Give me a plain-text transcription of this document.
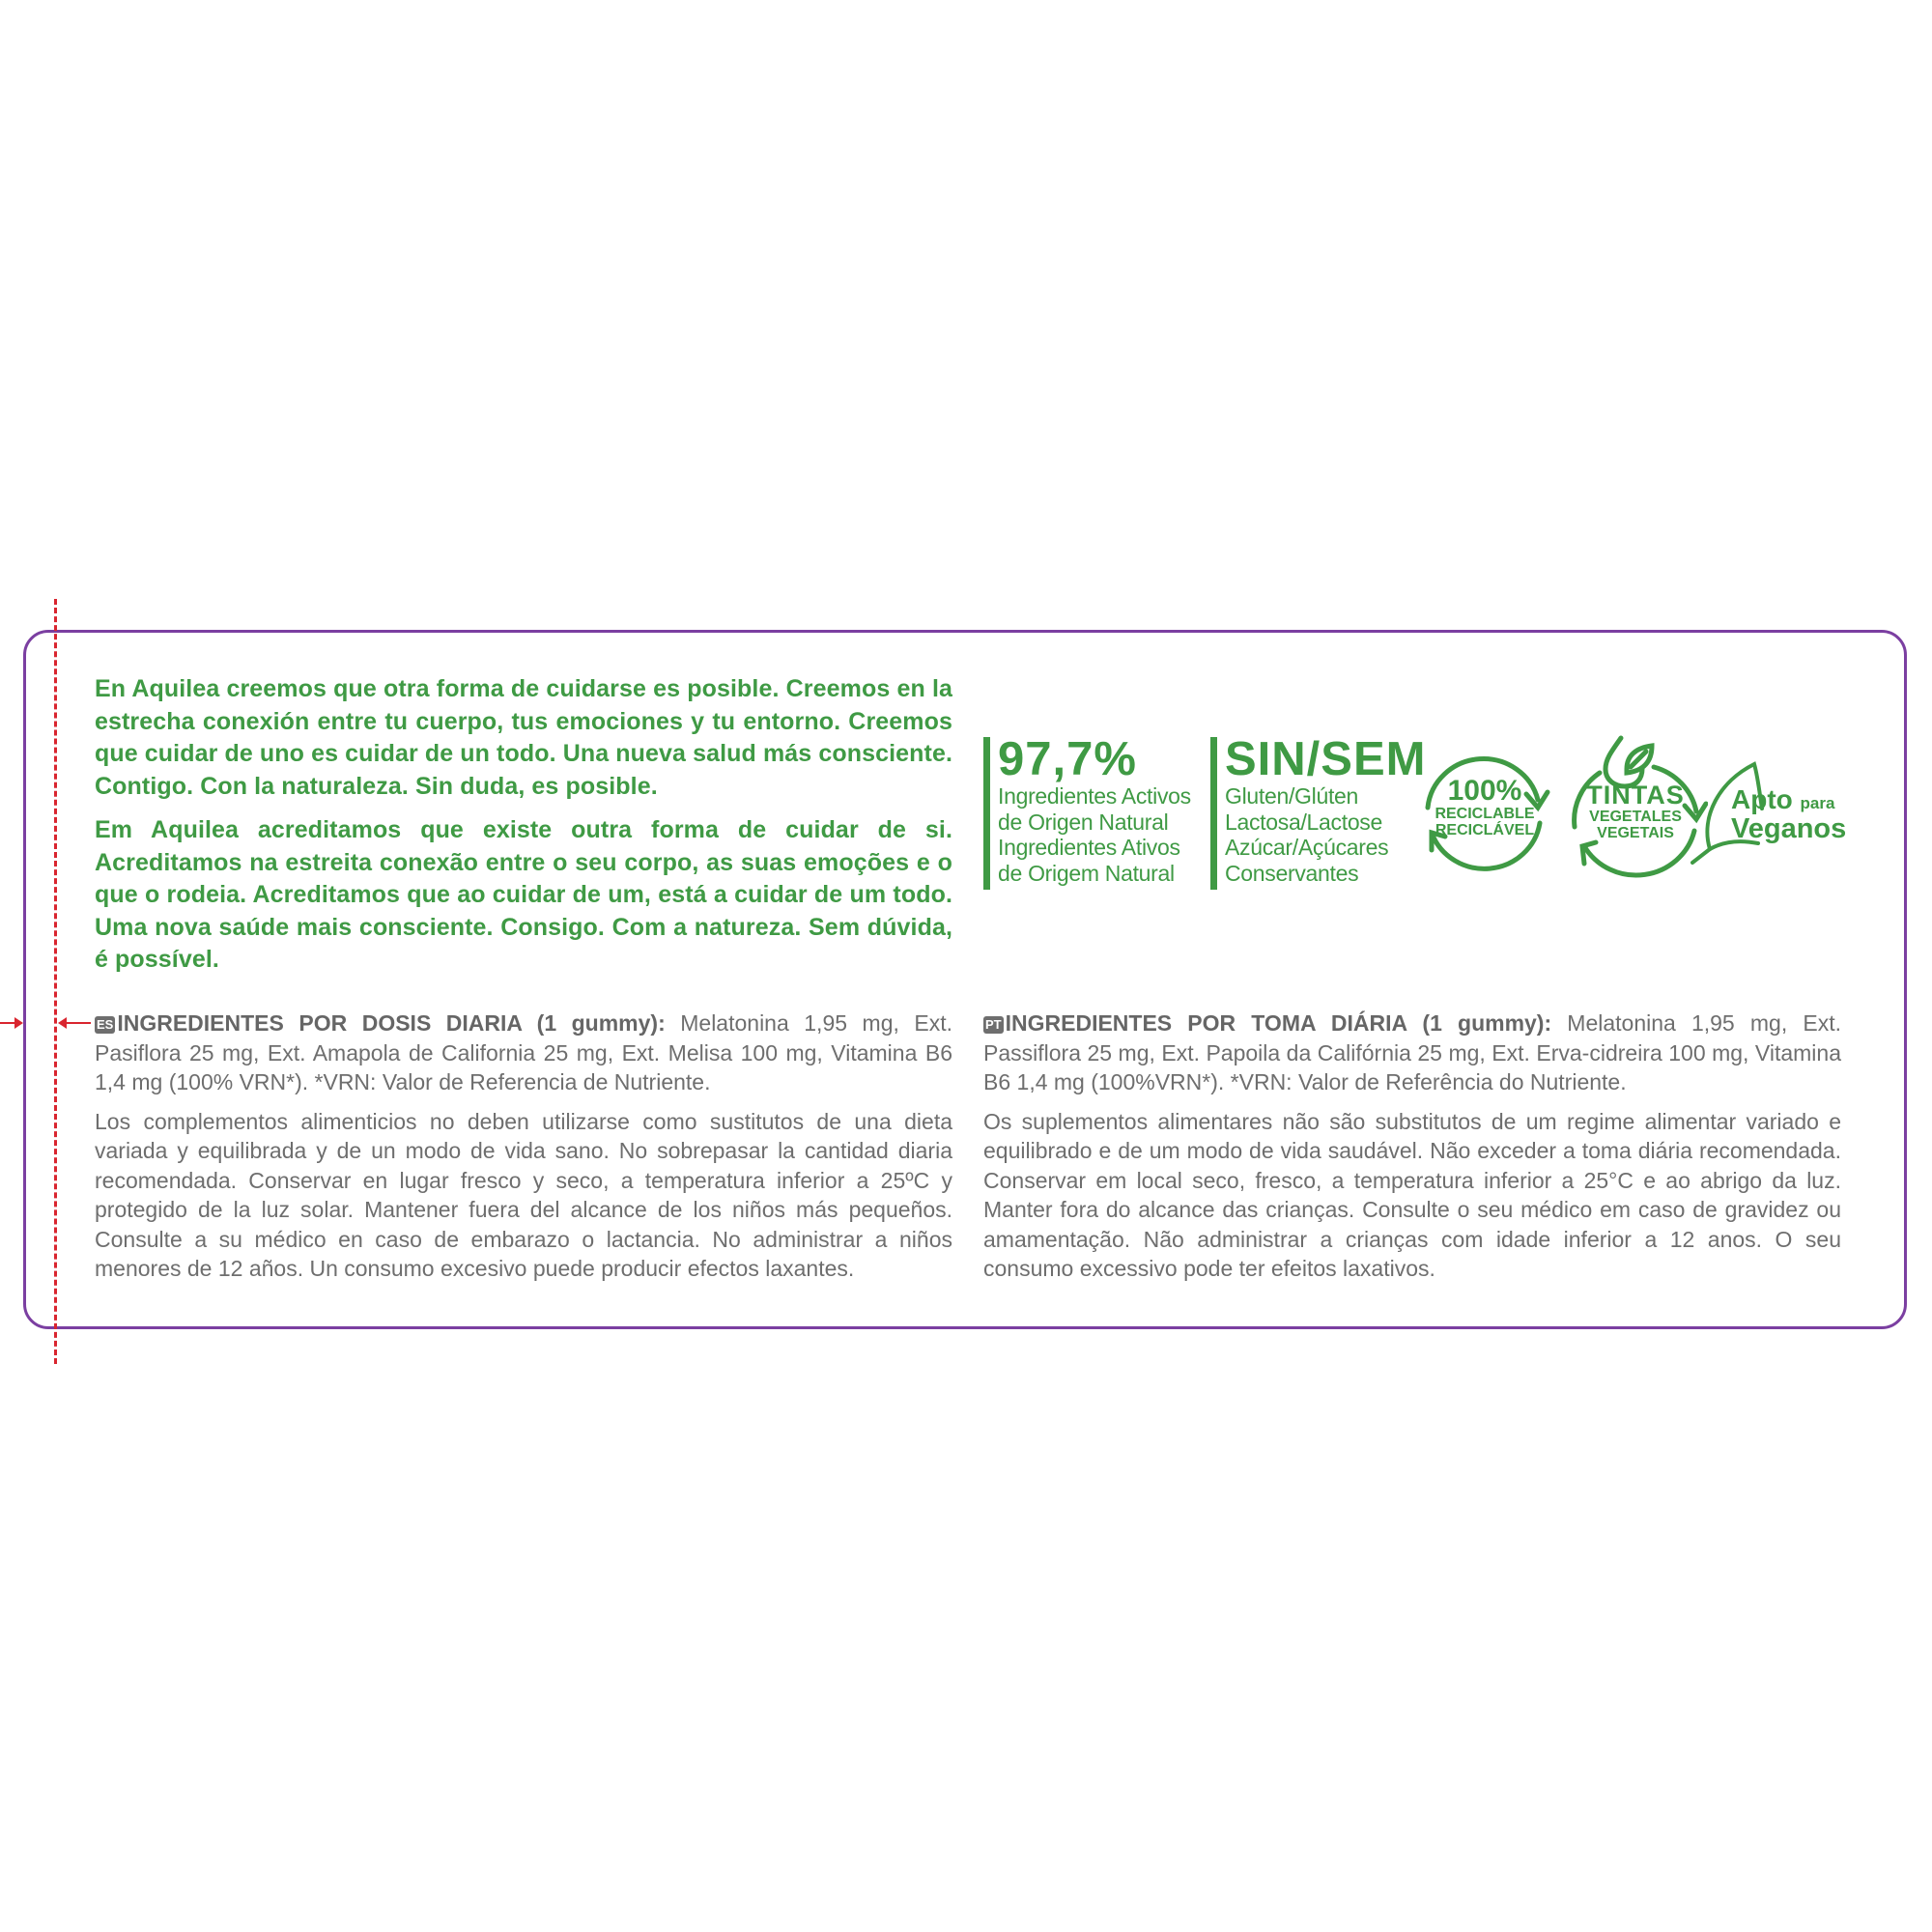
En Aquilea creemos que otra forma de cuidarse es posible. Creemos en la estrecha conexión entre tu cuerpo, tus emociones y tu entorno. Creemos que cuidar de uno es cuidar de un todo. Una nueva salud más consciente. Contigo. Con la naturaleza. Sin duda, es posible.

Em Aquilea acreditamos que existe outra forma de cuidar de si. Acreditamos na estreita conexão entre o seu corpo, as suas emoções e o que o rodeia. Acreditamos que ao cuidar de um, está a cuidar de um todo. Uma nova saúde mais consciente. Consigo. Com a natureza. Sem dúvida, é possível.

97,7%
Ingredientes Activos
de Origen Natural
Ingredientes Ativos
de Origem Natural
SIN/SEM
Gluten/Glúten
Lactosa/Lactose
Azúcar/Açúcares
Conservantes
100%
RECICLABLE
RECICLÁVEL
TINTAS
VEGETALES
VEGETAIS
Apto para
Veganos

ES INGREDIENTES POR DOSIS DIARIA (1 gummy): Melatonina 1,95 mg, Ext. Pasiflora 25 mg, Ext. Amapola de California 25 mg, Ext. Melisa 100 mg, Vitamina B6 1,4 mg (100% VRN*). *VRN: Valor de Referencia de Nutriente.

Los complementos alimenticios no deben utilizarse como sustitutos de una dieta variada y equilibrada y de un modo de vida sano. No sobrepasar la cantidad diaria recomendada. Conservar en lugar fresco y seco, a temperatura inferior a 25ºC y protegido de la luz solar. Mantener fuera del alcance de los niños más pequeños. Consulte a su médico en caso de embarazo o lactancia. No administrar a niños menores de 12 años. Un consumo excesivo puede producir efectos laxantes.

PT INGREDIENTES POR TOMA DIÁRIA (1 gummy): Melatonina 1,95 mg, Ext. Passiflora 25 mg, Ext. Papoila da Califórnia 25 mg, Ext. Erva-cidreira 100 mg, Vitamina B6 1,4 mg (100%VRN*). *VRN: Valor de Referência do Nutriente.

Os suplementos alimentares não são substitutos de um regime alimentar variado e equilibrado e de um modo de vida saudável. Não exceder a toma diária recomendada. Conservar em local seco, fresco, a temperatura inferior a 25°C e ao abrigo da luz. Manter fora do alcance das crianças. Consulte o seu médico em caso de gravidez ou amamentação. Não administrar a crianças com idade inferior a 12 anos. O seu consumo excessivo pode ter efeitos laxativos.
